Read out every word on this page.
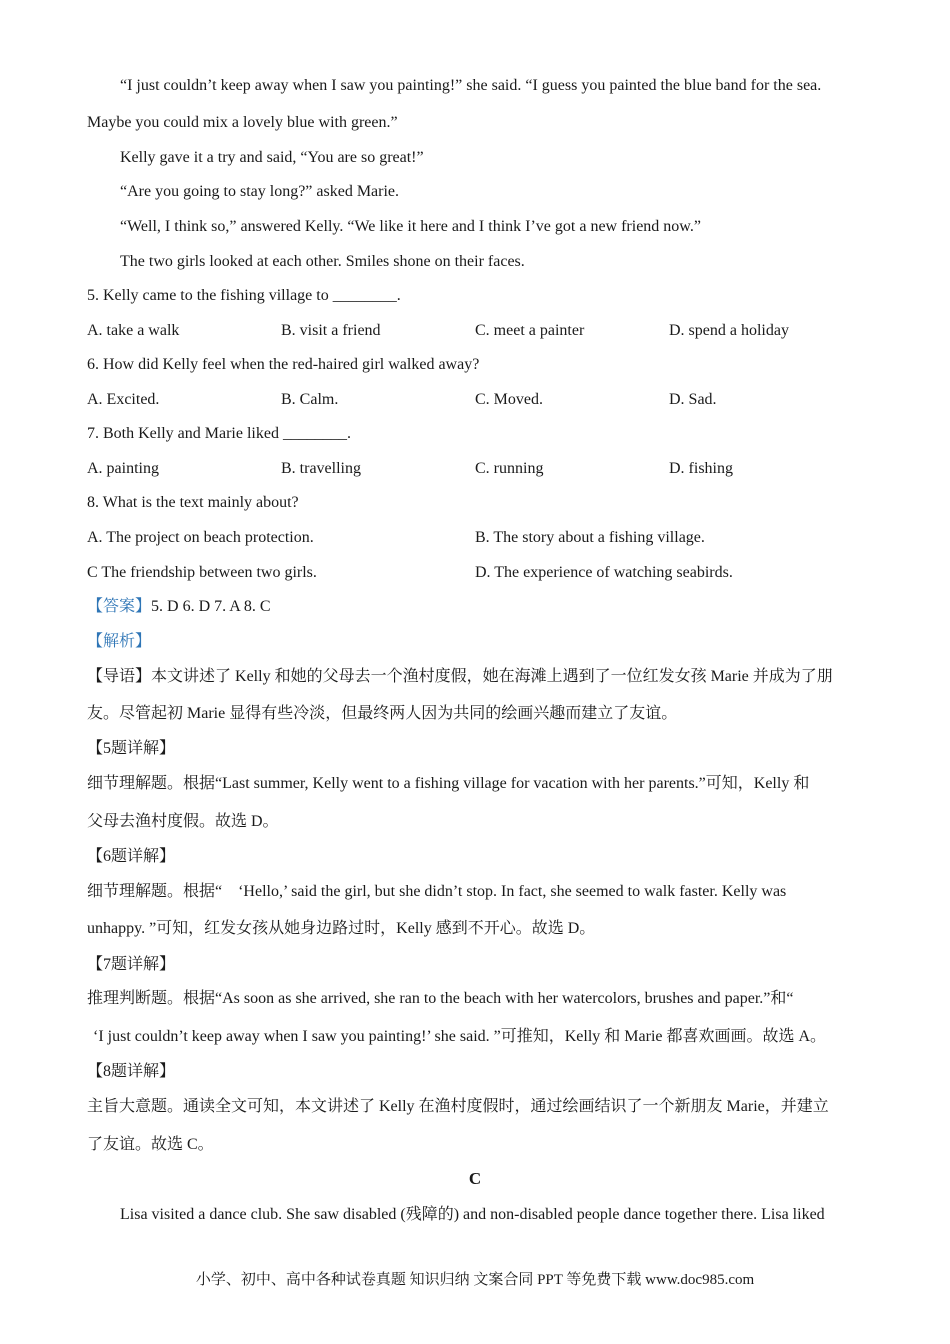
“I just couldn’t keep away when I saw you painting!” she said. “I guess you painted the blue band for the sea.
Maybe you could mix a lovely blue with green.”
Kelly gave it a try and said, “You are so great!”
“Are you going to stay long?” asked Marie.
“Well, I think so,” answered Kelly. “We like it here and I think I’ve got a new friend now.”
The two girls looked at each other. Smiles shone on their faces.
5. Kelly came to the fishing village to ________.
A. take a walk	B. visit a friend	C. meet a painter	D. spend a holiday
6. How did Kelly feel when the red-haired girl walked away?
A. Excited.	B. Calm.	C. Moved.	D. Sad.
7. Both Kelly and Marie liked ________.
A. painting	B. travelling	C. running	D. fishing
8. What is the text mainly about?
A. The project on beach protection.	B. The story about a fishing village.
C The friendship between two girls.	D. The experience of watching seabirds.
【答案】5. D 6. D 7. A 8. C
【解析】
【导语】本文讲述了 Kelly 和她的父母去一个渔村度假，她在海滩上遇到了一位红发女孩 Marie 并成为了朋
友。尽管起初 Marie 显得有些冷淡，但最终两人因为共同的绘画兴趣而建立了友谊。
【5题详解】
细节理解题。根据“Last summer, Kelly went to a fishing village for vacation with her parents.”可知，Kelly 和
父母去渔村度假。故选 D。
【6题详解】
细节理解题。根据“　‘Hello,’ said the girl, but she didn’t stop. In fact, she seemed to walk faster. Kelly was
unhappy. ”可知，红发女孩从她身边路过时，Kelly 感到不开心。故选 D。
【7题详解】
推理判断题。根据“As soon as she arrived, she ran to the beach with her watercolors, brushes and paper.”和“
‘I just couldn’t keep away when I saw you painting!’ she said. ”可推知，Kelly 和 Marie 都喜欢画画。故选 A。
【8题详解】
主旨大意题。通读全文可知，本文讲述了 Kelly 在渔村度假时，通过绘画结识了一个新朋友 Marie，并建立
了友谊。故选 C。
C
Lisa visited a dance club. She saw disabled (残障的) and non-disabled people dance together there. Lisa liked
小学、初中、高中各种试卷真题 知识归纳 文案合同 PPT 等免费下载 www.doc985.com
